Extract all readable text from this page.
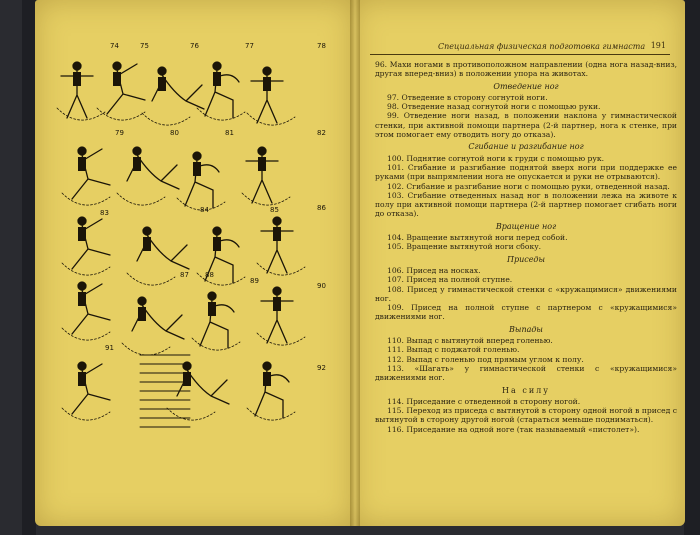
74	75	76	77	78
79	80	81	82
83	84	85	86
87 88
89
90
91
92
Специальная физическая подготовка гимнаста 191
96. Махи ногами в противоположном направлении (одна нога назад-вниз, другая вперед-вниз) в положении упора на животах.
Отведение ног
97. Отведение в сторону согнутой ноги.
98. Отведение назад согнутой ноги с помощью руки.
99. Отведение ноги назад, в положении наклона у гимнастической стенки, при активной помощи партнера (2-й партнер, нога к стенке, при этом помогает ему отводить ногу до отказа).
Сгибание и разгибание ног
100. Поднятие согнутой ноги к груди с помощью рук.
101. Сгибание и разгибание поднятой вверх ноги при поддержке ее руками (при выпрямлении нога не опускается и руки не отрываются).
102. Сгибание и разгибание ноги с помощью руки, отведенной назад.
103. Сгибание отведенных назад ног в положении лежа на животе к полу при активной помощи партнера (2-й партнер помогает сгибать ноги до отказа).
Вращение ног
104. Вращение вытянутой ноги перед собой.
105. Вращение вытянутой ноги сбоку.
Приседы
106. Присед на носках.
107. Присед на полной ступне.
108. Присед у гимнастической стенки с «кружащимися» движениями ног.
109. Присед на полной ступне с партнером с «кружащимися» движениями ног.
Выпады
110. Выпад с вытянутой вперед голенью.
111. Выпад с поджатой голенью.
112. Выпад с голенью под прямым углом к полу.
113. «Шагать» у гимнастической стенки с «кружащимися» движениями ног.
На силу
114. Приседание с отведенной в сторону ногой.
115. Переход из приседа с вытянутой в сторону одной ногой в присед с вытянутой в сторону другой ногой (стараться меньше подниматься).
116. Приседание на одной ноге (так называемый «пистолет»).
